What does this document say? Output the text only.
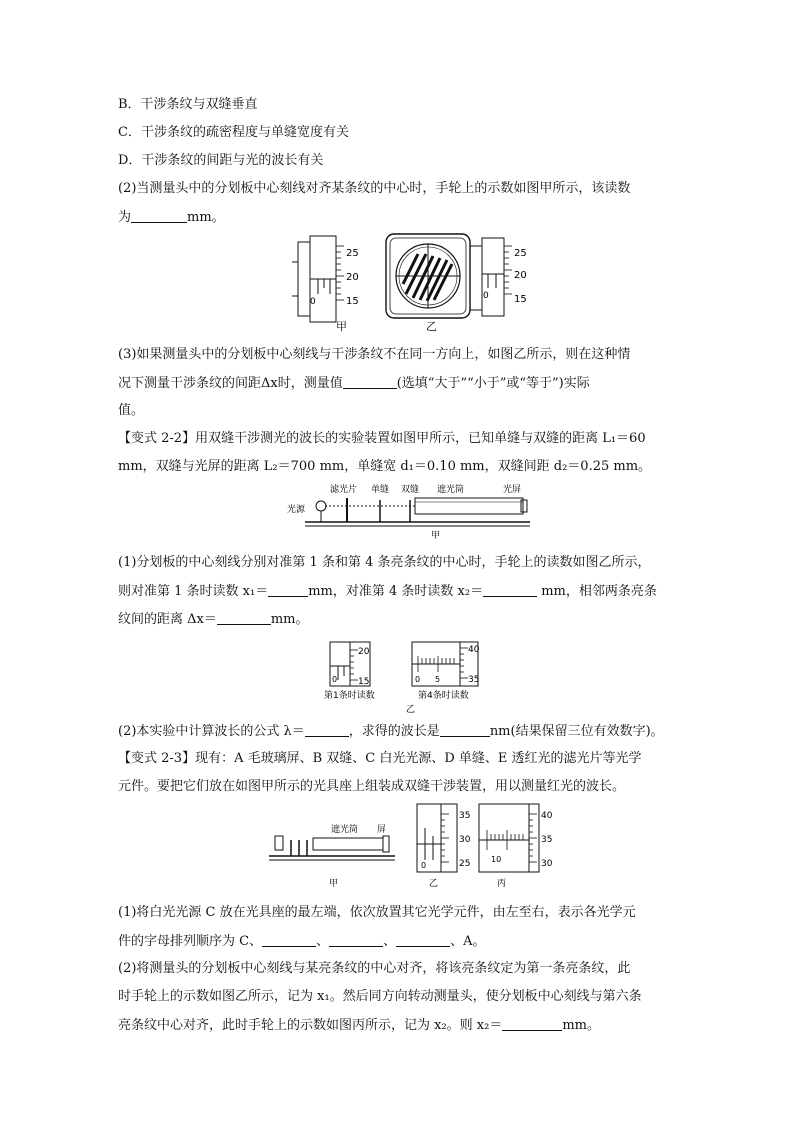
B．干涉条纹与双缝垂直
C．干涉条纹的疏密程度与单缝宽度有关
D．干涉条纹的间距与光的波长有关
(2)当测量头中的分划板中心刻线对齐某条纹的中心时，手轮上的示数如图甲所示，该读数
为	mm。
25
20
15
0
甲
25
20
15
0
乙
(3)如果测量头中的分划板中心刻线与干涉条纹不在同一方向上，如图乙所示，则在这种情
况下测量干涉条纹的间距Δx时，测量值	(选填“大于”“小于”或“等于”)实际
值。
【变式 2-2】用双缝干涉测光的波长的实验装置如图甲所示，已知单缝与双缝的距离 L₁＝60
mm，双缝与光屏的距离 L₂＝700 mm，单缝宽 d₁＝0.10 mm，双缝间距 d₂＝0.25 mm。
光源
滤光片 单缝 双缝 遮光筒	光屏
甲
(1)分划板的中心刻线分别对准第 1 条和第 4 条亮条纹的中心时，手轮上的读数如图乙所示，
则对准第 1 条时读数 x₁＝	mm，对准第 4 条时读数 x₂＝	mm，相邻两条亮条
纹间的距离 Δx＝	mm。
20
15
0
第1条时读数
40
35
0 5
第4条时读数
乙
(2)本实验中计算波长的公式 λ＝	，求得的波长是	nm(结果保留三位有效数字)。
【变式 2-3】现有：A 毛玻璃屏、B 双缝、C 白光光源、D 单缝、E 透红光的滤光片等光学
元件。要把它们放在如图甲所示的光具座上组装成双缝干涉装置，用以测量红光的波长。
遮光筒 屏
甲
35
30
25
0
乙
40
35
30
10
丙
(1)将白光光源 C 放在光具座的最左端，依次放置其它光学元件，由左至右，表示各光学元
件的字母排列顺序为 C、	、	、	、A。
(2)将测量头的分划板中心刻线与某亮条纹的中心对齐，将该亮条纹定为第一条亮条纹，此
时手轮上的示数如图乙所示，记为 x₁。然后同方向转动测量头，使分划板中心刻线与第六条
亮条纹中心对齐，此时手轮上的示数如图丙所示，记为 x₂。则 x₂＝	mm。
